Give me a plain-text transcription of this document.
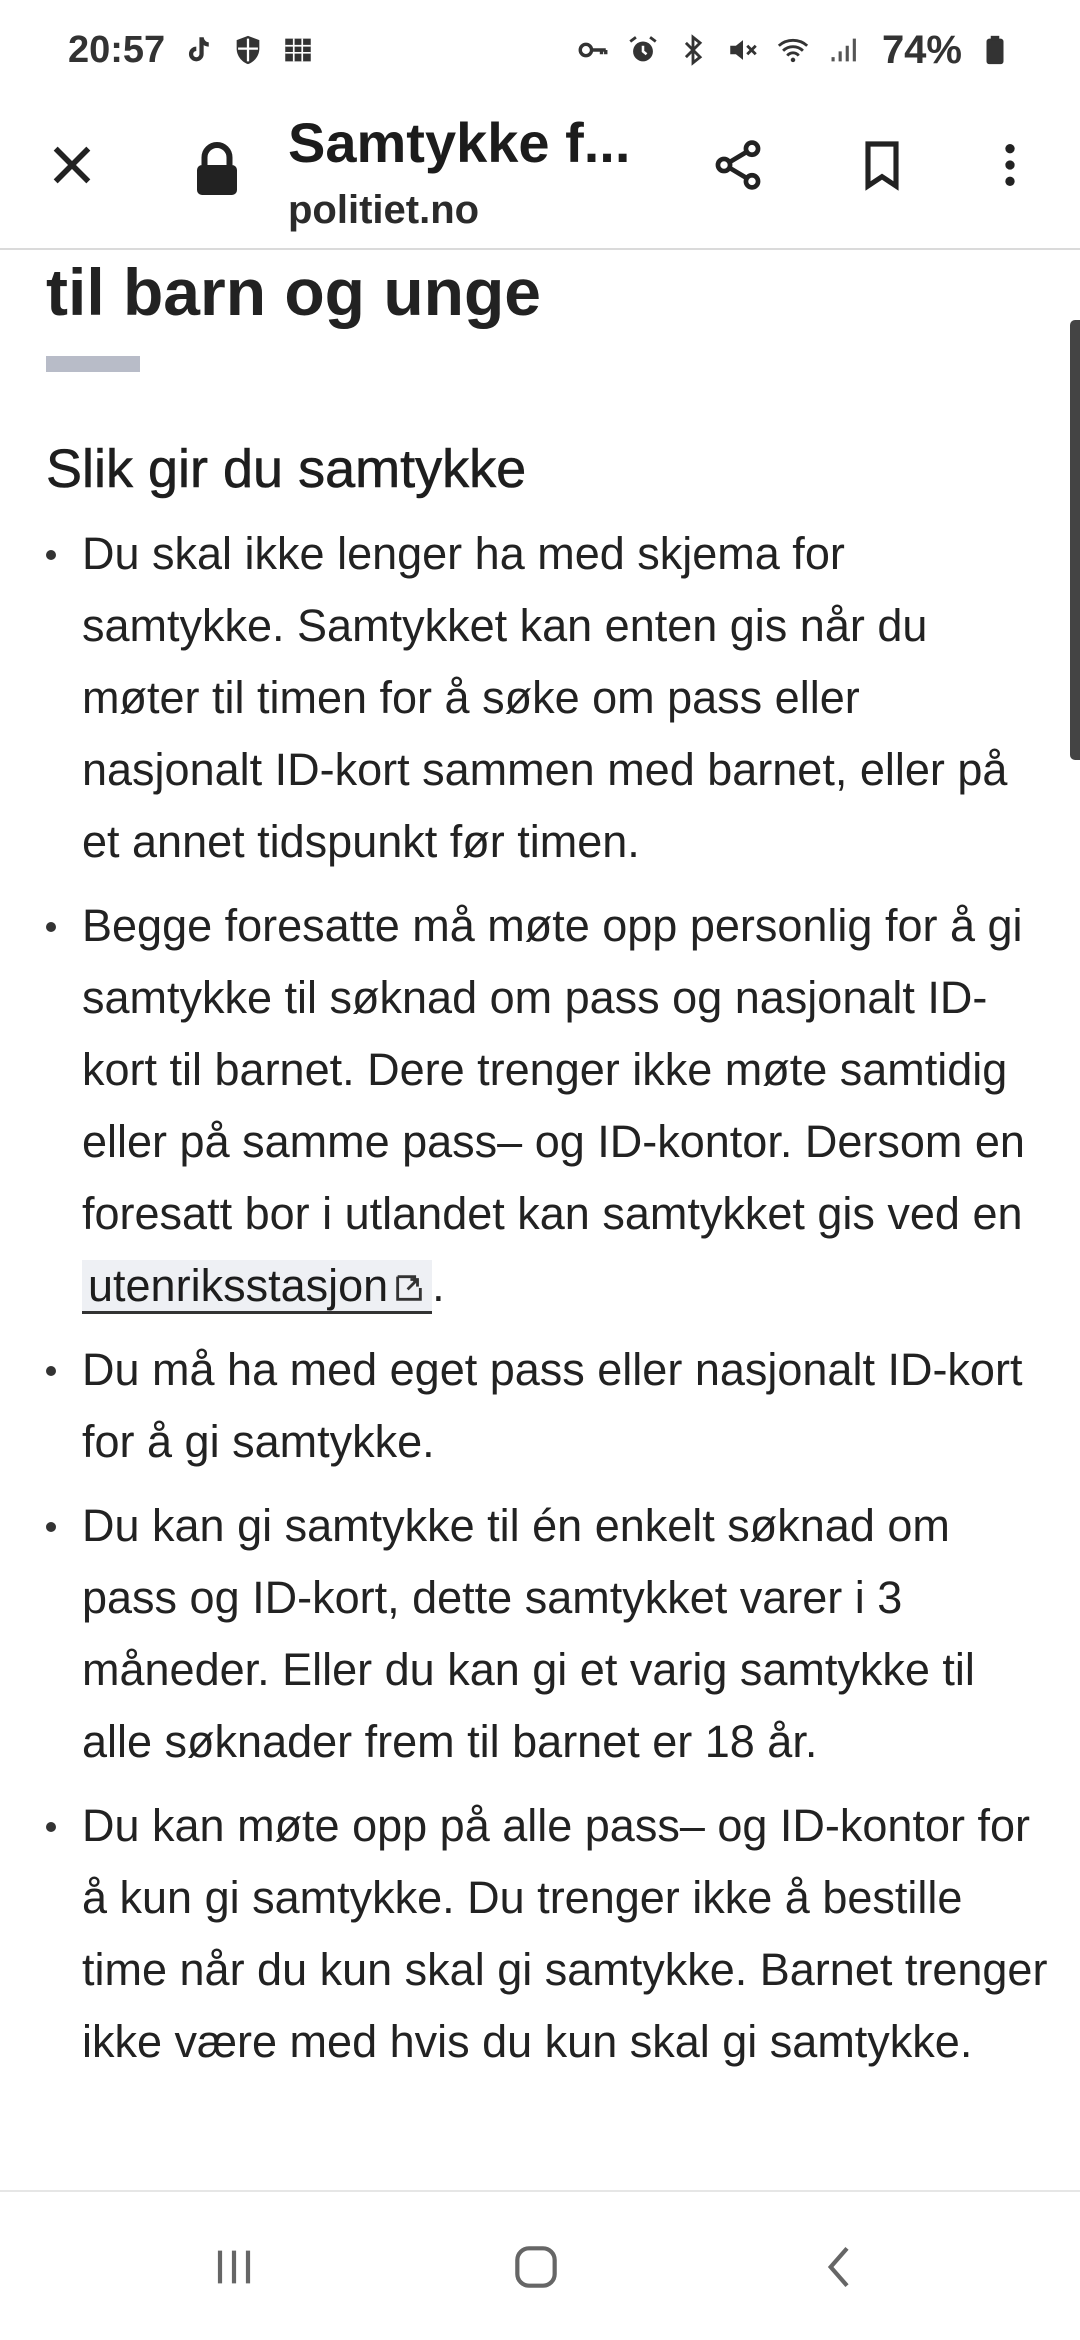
20:57	74%
Samtykke f...
politiet.no
til barn og unge
Slik gir du samtykke
Du skal ikke lenger ha med skjema for samtykke. Samtykket kan enten gis når du møter til timen for å søke om pass eller nasjonalt ID-kort sammen med barnet, eller på et annet tidspunkt før timen.
Begge foresatte må møte opp personlig for å gi samtykke til søknad om pass og nasjonalt ID-kort til barnet. Dere trenger ikke møte samtidig eller på samme pass– og ID-kontor. Dersom en foresatt bor i utlandet kan samtykket gis ved en utenriksstasjon .
Du må ha med eget pass eller nasjonalt ID-kort for å gi samtykke.
Du kan gi samtykke til én enkelt søknad om pass og ID-kort, dette samtykket varer i 3 måneder. Eller du kan gi et varig samtykke til alle søknader frem til barnet er 18 år.
Du kan møte opp på alle pass– og ID-kontor for å kun gi samtykke. Du trenger ikke å bestille time når du kun skal gi samtykke. Barnet trenger ikke være med hvis du kun skal gi samtykke.
